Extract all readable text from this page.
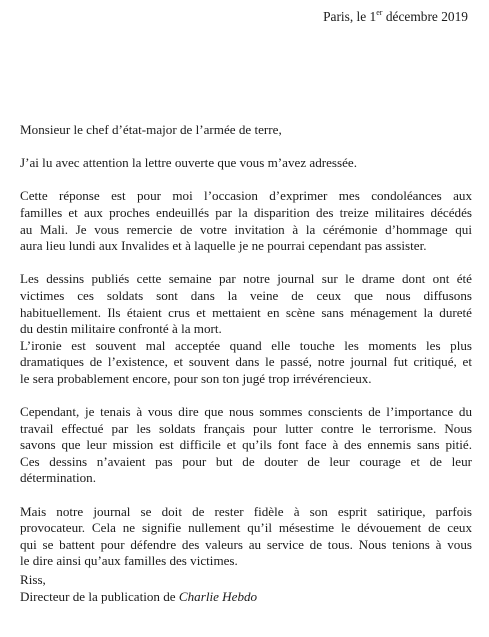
Paris, le 1er décembre 2019

Monsieur le chef d’état-major de l’armée de terre,

J’ai lu avec attention la lettre ouverte que vous m’avez adressée.

Cette réponse est pour moi l’occasion d’exprimer mes condoléances aux
familles et aux proches endeuillés par la disparition des treize militaires décédés
au Mali. Je vous remercie de votre invitation à la cérémonie d’hommage qui
aura lieu lundi aux Invalides et à laquelle je ne pourrai cependant pas assister.

Les dessins publiés cette semaine par notre journal sur le drame dont ont été
victimes ces soldats sont dans la veine de ceux que nous diffusons
habituellement. Ils étaient crus et mettaient en scène sans ménagement la dureté
du destin militaire confronté à la mort.
L’ironie est souvent mal acceptée quand elle touche les moments les plus
dramatiques de l’existence, et souvent dans le passé, notre journal fut critiqué, et
le sera probablement encore, pour son ton jugé trop irrévérencieux.

Cependant, je tenais à vous dire que nous sommes conscients de l’importance du
travail effectué par les soldats français pour lutter contre le terrorisme. Nous
savons que leur mission est difficile et qu’ils font face à des ennemis sans pitié.
Ces dessins n’avaient pas pour but de douter de leur courage et de leur
détermination.

Mais notre journal se doit de rester fidèle à son esprit satirique, parfois
provocateur. Cela ne signifie nullement qu’il mésestime le dévouement de ceux
qui se battent pour défendre des valeurs au service de tous. Nous tenions à vous
le dire ainsi qu’aux familles des victimes.

Riss,
Directeur de la publication de Charlie Hebdo
